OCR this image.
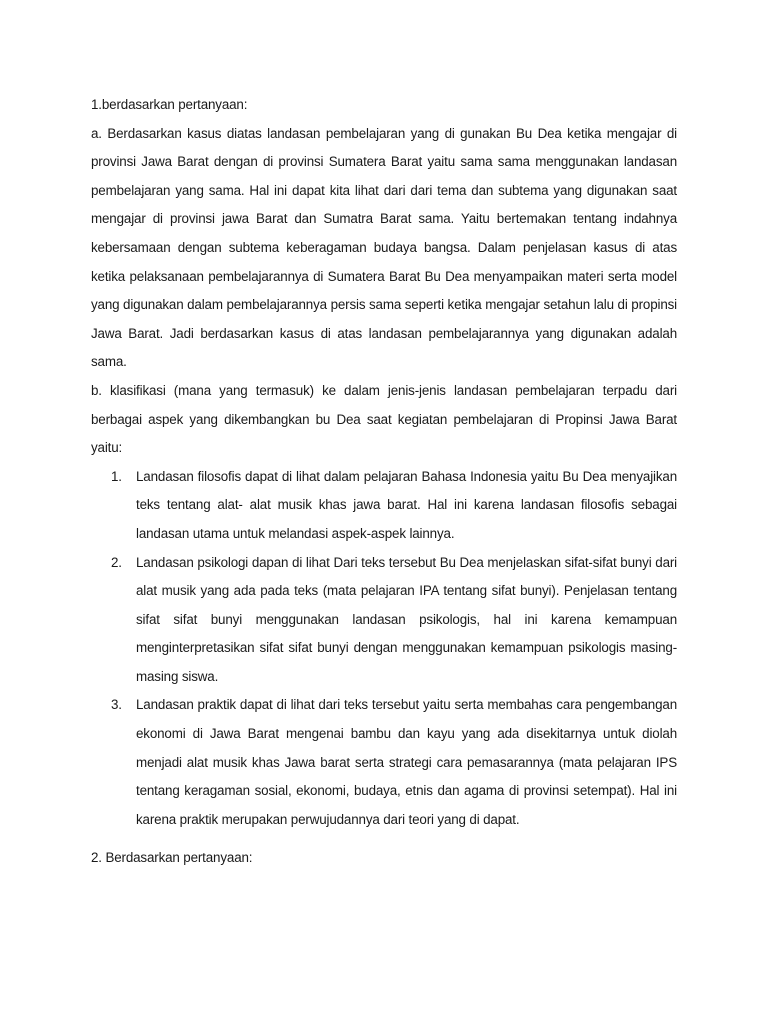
1.berdasarkan pertanyaan:

a. Berdasarkan kasus diatas landasan pembelajaran yang di gunakan Bu Dea ketika mengajar di provinsi Jawa Barat dengan di provinsi Sumatera Barat yaitu sama sama menggunakan landasan pembelajaran yang sama. Hal ini dapat kita lihat dari dari tema dan subtema yang digunakan saat mengajar di provinsi jawa Barat dan Sumatra Barat sama. Yaitu bertemakan tentang indahnya kebersamaan dengan subtema keberagaman budaya bangsa. Dalam penjelasan kasus di atas ketika pelaksanaan pembelajarannya di Sumatera Barat Bu Dea menyampaikan materi serta model yang digunakan dalam pembelajarannya persis sama seperti ketika mengajar setahun lalu di propinsi Jawa Barat. Jadi berdasarkan kasus di atas landasan pembelajarannya yang digunakan adalah sama.

b. klasifikasi (mana yang termasuk) ke dalam jenis-jenis landasan pembelajaran terpadu dari berbagai aspek yang dikembangkan bu Dea saat kegiatan pembelajaran di Propinsi Jawa Barat yaitu:

1. Landasan filosofis dapat di lihat dalam pelajaran Bahasa Indonesia yaitu Bu Dea menyajikan teks tentang alat- alat musik khas jawa barat. Hal ini karena landasan filosofis sebagai landasan utama untuk melandasi aspek-aspek lainnya.
2. Landasan psikologi dapan di lihat Dari teks tersebut Bu Dea menjelaskan sifat-sifat bunyi dari alat musik yang ada pada teks (mata pelajaran IPA tentang sifat bunyi). Penjelasan tentang sifat sifat bunyi menggunakan landasan psikologis, hal ini karena kemampuan menginterpretasikan sifat sifat bunyi dengan menggunakan kemampuan psikologis masing-masing siswa.
3. Landasan praktik dapat di lihat dari teks tersebut yaitu serta membahas cara pengembangan ekonomi di Jawa Barat mengenai bambu dan kayu yang ada disekitarnya untuk diolah menjadi alat musik khas Jawa barat serta strategi cara pemasarannya (mata pelajaran IPS tentang keragaman sosial, ekonomi, budaya, etnis dan agama di provinsi setempat). Hal ini karena praktik merupakan perwujudannya dari teori yang di dapat.

2. Berdasarkan pertanyaan:
